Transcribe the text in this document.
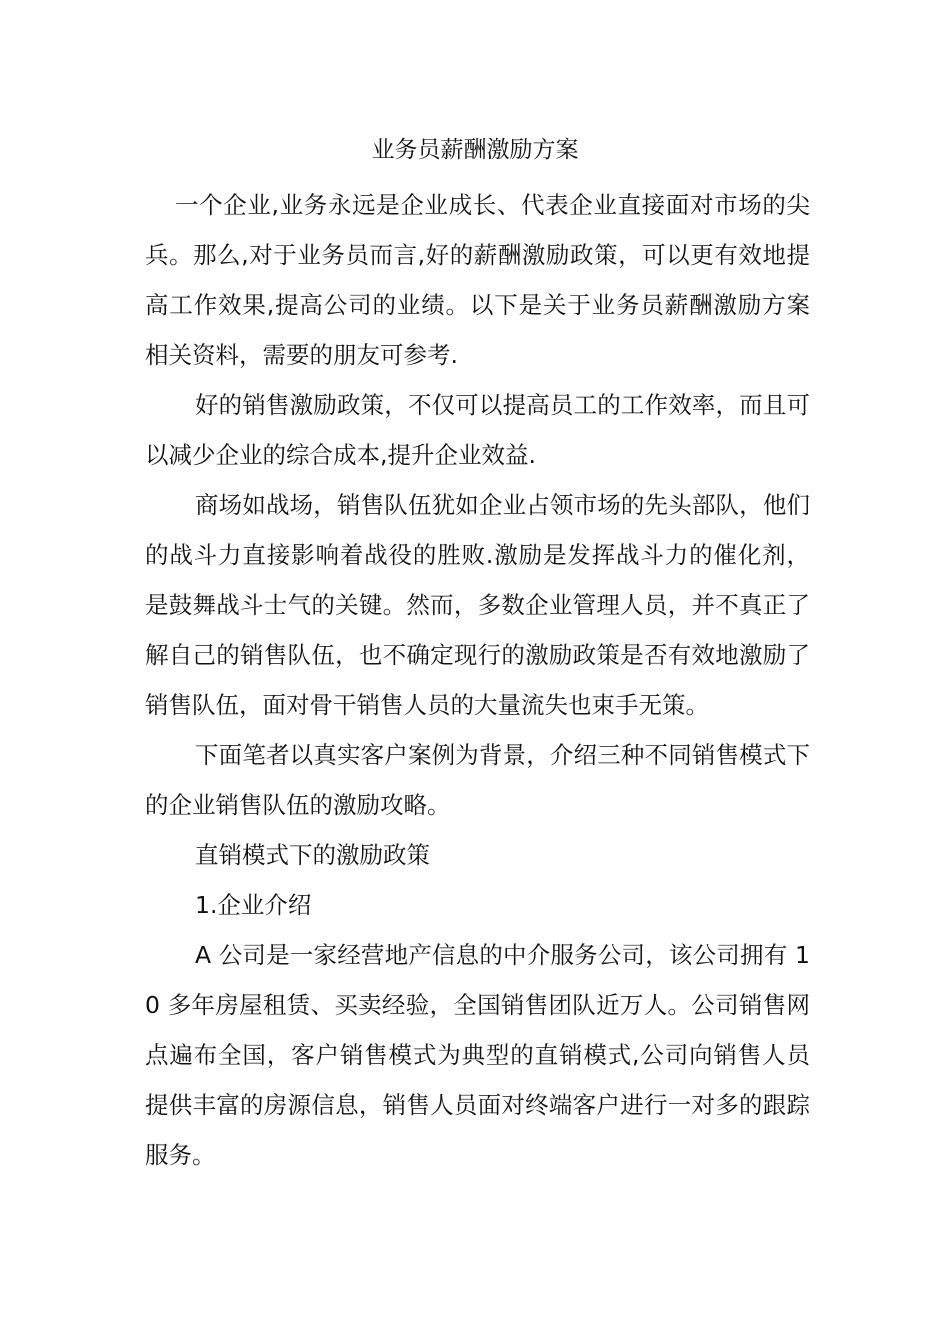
业务员薪酬激励方案

一个企业,业务永远是企业成长、代表企业直接面对市场的尖兵。那么,对于业务员而言,好的薪酬激励政策，可以更有效地提高工作效果,提高公司的业绩。以下是关于业务员薪酬激励方案相关资料，需要的朋友可参考.

好的销售激励政策，不仅可以提高员工的工作效率，而且可以减少企业的综合成本,提升企业效益.

商场如战场，销售队伍犹如企业占领市场的先头部队，他们的战斗力直接影响着战役的胜败.激励是发挥战斗力的催化剂，是鼓舞战斗士气的关键。然而，多数企业管理人员，并不真正了解自己的销售队伍，也不确定现行的激励政策是否有效地激励了销售队伍，面对骨干销售人员的大量流失也束手无策。

下面笔者以真实客户案例为背景，介绍三种不同销售模式下的企业销售队伍的激励攻略。

直销模式下的激励政策

1.企业介绍

A 公司是一家经营地产信息的中介服务公司，该公司拥有 10 多年房屋租赁、买卖经验，全国销售团队近万人。公司销售网点遍布全国，客户销售模式为典型的直销模式,公司向销售人员提供丰富的房源信息，销售人员面对终端客户进行一对多的跟踪服务。
